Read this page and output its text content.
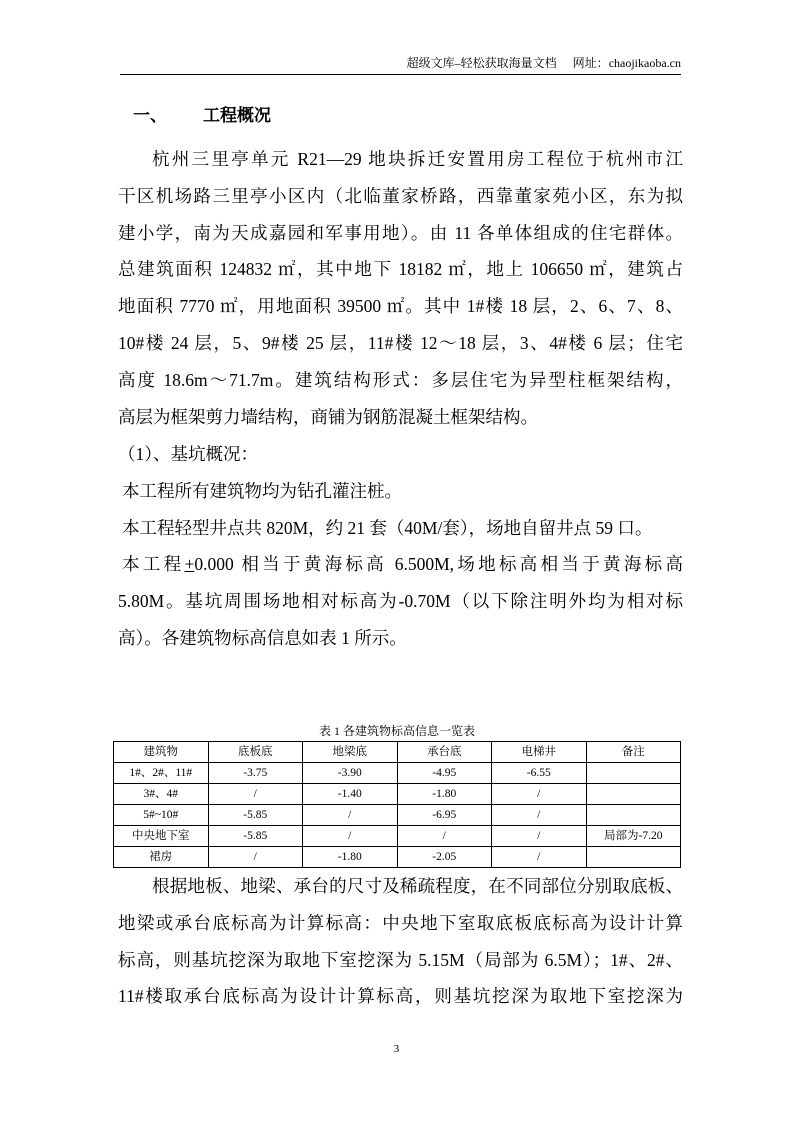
超级文库–轻松获取海量文档 网址：chaojikaoba.cn
一、 工程概况
杭州三里亭单元 R21—29 地块拆迁安置用房工程位于杭州市江
干区机场路三里亭小区内（北临董家桥路，西靠董家苑小区，东为拟
建小学，南为天成嘉园和军事用地）。由 11 各单体组成的住宅群体。
总建筑面积 124832 ㎡，其中地下 18182 ㎡，地上 106650 ㎡，建筑占
地面积 7770 ㎡，用地面积 39500 ㎡。其中 1#楼 18 层，2、6、7、8、
10#楼 24 层，5、9#楼 25 层，11#楼 12～18 层，3、4#楼 6 层；住宅
高度 18.6m～71.7m。建筑结构形式：多层住宅为异型柱框架结构，
高层为框架剪力墙结构，商铺为钢筋混凝土框架结构。
（1）、基坑概况：
本工程所有建筑物均为钻孔灌注桩。
本工程轻型井点共 820M，约 21 套（40M/套），场地自留井点 59 口。
本工程+0.000 相当于黄海标高 6.500M,场地标高相当于黄海标高
5.80M。基坑周围场地相对标高为-0.70M（以下除注明外均为相对标
高）。各建筑物标高信息如表 1 所示。
表 1 各建筑物标高信息一览表
建筑物	底板底	地梁底	承台底	电梯井	备注
1#、2#、11#	-3.75	-3.90	-4.95	-6.55	
3#、4#	/	-1.40	-1.80	/	
5#~10#	-5.85	/	-6.95	/	
中央地下室	-5.85	/	/	/	局部为-7.20
裙房	/	-1.80	-2.05	/	
根据地板、地梁、承台的尺寸及稀疏程度，在不同部位分别取底板、
地梁或承台底标高为计算标高：中央地下室取底板底标高为设计计算
标高，则基坑挖深为取地下室挖深为 5.15M（局部为 6.5M）；1#、2#、
11#楼取承台底标高为设计计算标高，则基坑挖深为取地下室挖深为
3
